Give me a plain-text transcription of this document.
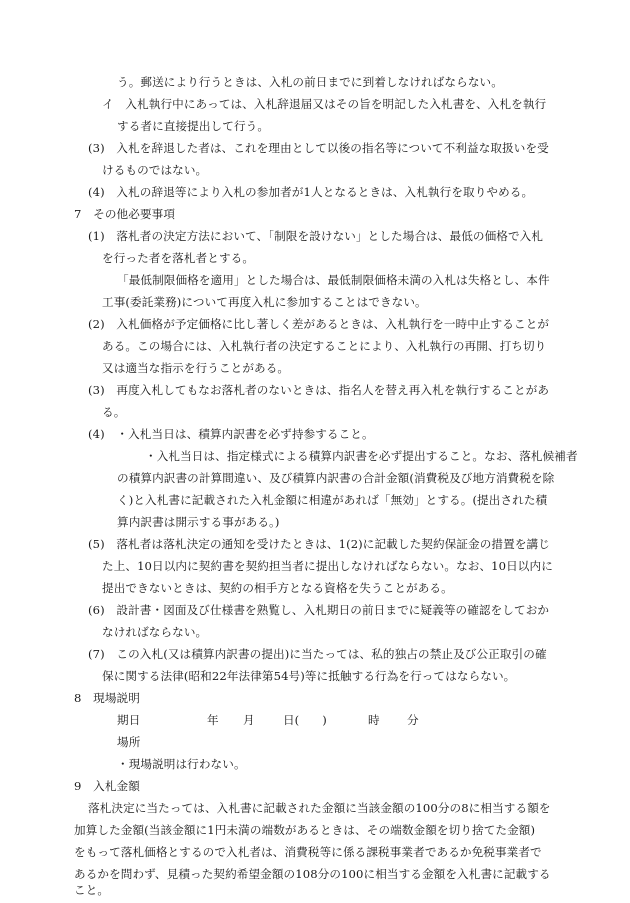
う。郵送により行うときは、入札の前日までに到着しなければならない。
イ　入札執行中にあっては、入札辞退届又はその旨を明記した入札書を、入札を執行
する者に直接提出して行う。
(3)　入札を辞退した者は、これを理由として以後の指名等について不利益な取扱いを受
けるものではない。
(4)　入札の辞退等により入札の参加者が1人となるときは、入札執行を取りやめる。
7　その他必要事項
(1)　落札者の決定方法において、「制限を設けない」とした場合は、最低の価格で入札
を行った者を落札者とする。
「最低制限価格を適用」とした場合は、最低制限価格未満の入札は失格とし、本件
工事(委託業務)について再度入札に参加することはできない。
(2)　入札価格が予定価格に比し著しく差があるときは、入札執行を一時中止することが
ある。この場合には、入札執行者の決定することにより、入札執行の再開、打ち切り
又は適当な指示を行うことがある。
(3)　再度入札してもなお落札者のないときは、指名人を替え再入札を執行することがあ
る。
(4)　・入札当日は、積算内訳書を必ず持参すること。
・入札当日は、指定様式による積算内訳書を必ず提出すること。なお、落札候補者
の積算内訳書の計算間違い、及び積算内訳書の合計金額(消費税及び地方消費税を除
く)と入札書に記載された入札金額に相違があれば「無効」とする。(提出された積
算内訳書は開示する事がある。)
(5)　落札者は落札決定の通知を受けたときは、1(2)に記載した契約保証金の措置を講じ
た上、10日以内に契約書を契約担当者に提出しなければならない。なお、10日以内に
提出できないときは、契約の相手方となる資格を失うことがある。
(6)　設計書・図面及び仕様書を熟覧し、入札期日の前日までに疑義等の確認をしておか
なければならない。
(7)　この入札(又は積算内訳書の提出)に当たっては、私的独占の禁止及び公正取引の確
保に関する法律(昭和22年法律第54号)等に抵触する行為を行ってはならない。
8　現場説明
期日	年 月 日(　　)	時 分
場所
・現場説明は行わない。
9　入札金額
落札決定に当たっては、入札書に記載された金額に当該金額の100分の8に相当する額を
加算した金額(当該金額に1円未満の端数があるときは、その端数金額を切り捨てた金額)
をもって落札価格とするので入札者は、消費税等に係る課税事業者であるか免税事業者で
あるかを問わず、見積った契約希望金額の108分の100に相当する金額を入札書に記載する
こと。
